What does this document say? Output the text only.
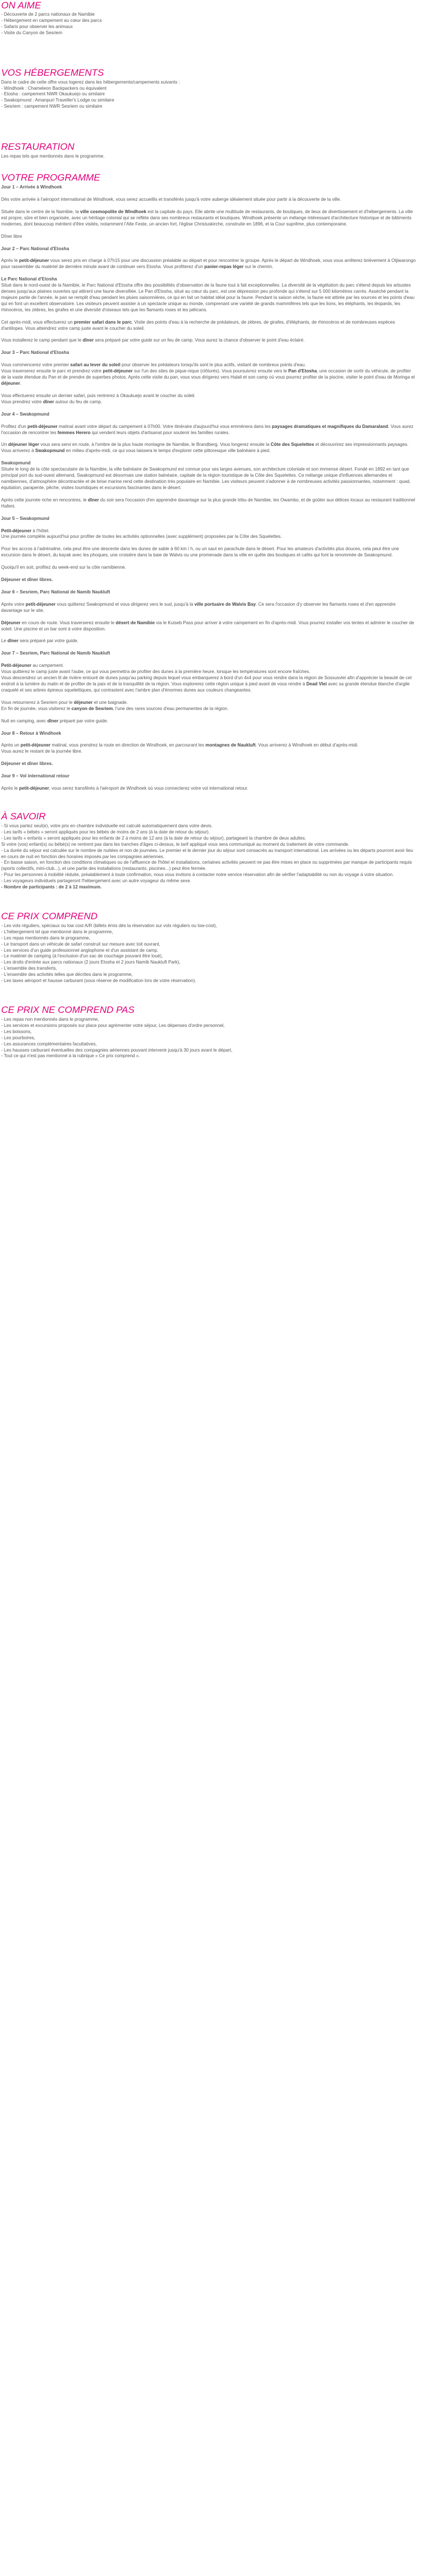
ON AIME
- Découverte de 2 parcs nationaux de Namibie
- Hébergement en campement au cœur des parcs
- Safaris pour observer les animaux
- Visite du Canyon de Sesriem
VOS HÉBERGEMENTS

Dans le cadre de cette offre vous logerez dans les hébergements/campements suivants :

- Windhoek : Chameleon Backpackers ou équivalent
- Etosha : campement NWR Okaukuejo ou similaire
- Swakopmund : Amanpuri Traveller's Lodge ou similaire
- Sesriem : campement NWR Sesriem ou similaire
RESTAURATION

Les repas tels que mentionnés dans le programme.

VOTRE PROGRAMME

Jour 1 – Arrivée à Windhoek

Dès votre arrivée à l'aéroport international de Windhoek, vous serez accueillis et transférés jusqu'à votre auberge idéalement située pour partir à la découverte de la ville.

Située dans le centre de la Namibie, la ville cosmopolite de Windhoek est la capitale du pays. Elle abrite une multitude de restaurants, de boutiques, de lieux de divertissement et d'hébergements. La ville est propre, sûre et bien organisée, avec un héritage colonial qui se reflète dans ses nombreux restaurants et boutiques. Windhoek présente un mélange intéressant d'architecture historique et de bâtiments modernes, dont beaucoup méritent d'être visités, notamment l'Alte Feste, un ancien fort, l'église Christuskirche, construite en 1896, et la Cour suprême, plus contemporaine.

Dîner libre

Jour 2 – Parc National d'Etosha

Après le petit-déjeuner vous serez pris en charge à 07h15 pour une discussion préalable au départ et pour rencontrer le groupe. Après le départ de Windhoek, vous vous arrêterez brièvement à Otjiwarongo pour rassembler du matériel de dernière minute avant de continuer vers Etosha. Vous profiterez d'un panier-repas léger sur le chemin.

Le Parc National d'Etosha

Situé dans le nord-ouest de la Namibie, le Parc National d'Etosha offre des possibilités d'observation de la faune tout à fait exceptionnelles. La diversité de la végétation du parc s'étend depuis les arbustes denses jusqu'aux plaines ouvertes qui attirent une faune diversifiée. Le Pan d'Etosha, situé au cœur du parc, est une dépression peu profonde qui s'étend sur 5 000 kilomètres carrés. Asséché pendant la majeure partie de l'année, le pan se remplit d'eau pendant les pluies saisonnières, ce qui en fait un habitat idéal pour la faune. Pendant la saison sèche, la faune est attirée par les sources et les points d'eau qui en font un excellent observatoire. Les visiteurs peuvent assister à un spectacle unique au monde, comprenant une variété de grands mammifères tels que les lions, les éléphants, les léopards, les rhinocéros, les zèbres, les girafes et une diversité d'oiseaux tels que les flamants roses et les pélicans.

Cet après-midi, vous effectuerez un premier safari dans le parc. Visite des points d'eau à la recherche de prédateurs, de zèbres, de girafes, d'éléphants, de rhinocéros et de nombreuses espèces d'antilopes. Vous atteindrez votre camp juste avant le coucher du soleil.

Vous installerez le camp pendant que le dîner sera préparé par votre guide sur un feu de camp. Vous aurez la chance d'observer le point d'eau éclairé.

Jour 3 – Parc National d'Etosha

Vous commencerez votre premier safari au lever du soleil pour observer les prédateurs lorsqu'ils sont le plus actifs, visitant de nombreux points d'eau.

Vous traverserez ensuite le parc et prendrez votre petit-déjeuner sur l'un des sites de pique-nique (clôturés). Vous poursuivrez ensuite vers le Pan d'Etosha, une occasion de sortir du véhicule, de profiter de la vaste étendue du Pan et de prendre de superbes photos. Après cette visite du pan, vous vous dirigerez vers Halali et son camp où vous pourrez profiter de la piscine, visiter le point d'eau de Moringa et déjeuner.

Vous effectuerez ensuite un dernier safari, puis rentrerez à Okaukuejo avant le coucher du soleil.

Vous prendrez votre dîner autour du feu de camp.

Jour 4 – Swakopmund

Profitez d'un petit-déjeuner matinal avant votre départ du campement à 07h00. Votre itinéraire d'aujourd'hui vous emmènera dans les paysages dramatiques et magnifiques du Damaraland. Vous aurez l'occasion de rencontrer les femmes Herero qui vendent leurs objets d'artisanat pour soutenir les familles rurales.

Un déjeuner léger vous sera servi en route, à l'ombre de la plus haute montagne de Namibie, le Brandberg. Vous longerez ensuite la Côte des Squelettes et découvrirez ses impressionnants paysages.
Vous arriverez à Swakopmund en milieu d'après-midi, ce qui vous laissera le temps d'explorer cette pittoresque ville balnéaire à pied.

Swakopmund

Située le long de la côte spectaculaire de la Namibie, la ville balnéaire de Swakopmund est connue pour ses larges avenues, son architecture coloniale et son immense désert. Fondé en 1892 en tant que principal port du sud-ouest allemand, Swakopmund est désormais une station balnéaire, capitale de la région touristique de la Côte des Squelettes. Ce mélange unique d'influences allemandes et namibiennes, d'atmosphère décontractée et de brise marine rend cette destination très populaire en Namibie. Les visiteurs peuvent s'adonner à de nombreuses activités passionnantes, notamment : quad, équitation, parapente, pêche, visites touristiques et excursions fascinantes dans le désert.

Après cette journée riche en rencontres, le dîner du soir sera l'occasion d'en apprendre davantage sur la plus grande tribu de Namibie, les Owambo, et de goûter aux délices locaux au restaurant traditionnel Hafeni.

Jour 5 – Swakopmund

Petit-déjeuner à l'hôtel.

Une journée complète aujourd'hui pour profiter de toutes les activités optionnelles (avec supplément) proposées par la Côte des Squelettes.

Pour les accros à l'adrénaline, cela peut être une descente dans les dunes de sable à 60 km / h, ou un saut en parachute dans le désert. Pour les amateurs d'activités plus douces, cela peut être une excursion dans le désert, du kayak avec les phoques, une croisière dans la baie de Walvis ou une promenade dans la ville en quête des boutiques et cafés qui font la renommée de Swakopmund.

Quoiqu'il en soit, profitez du week-end sur la côte namibienne.

Déjeuner et dîner libres.

Jour 6 – Sesriem, Parc National de Namib Naukluft

Après votre petit-déjeuner vous quitterez Swakopmund et vous dirigerez vers le sud, jusqu'à la ville portuaire de Walvis Bay. Ce sera l'occasion d'y observer les flamants roses et d'en apprendre davantage sur le site.

Déjeuner en cours de route. Vous traverserez ensuite le désert de Namibie via le Kuiseb Pass pour arriver à votre campement en fin d'après-midi. Vous pourrez installer vos tentes et admirer le coucher de soleil. Une piscine et un bar sont à votre disposition.

Le dîner sera préparé par votre guide.

Jour 7 – Sesriem, Parc National de Namib Naukluft

Petit-déjeuner au campement.

Vous quitterez le camp juste avant l'aube, ce qui vous permettra de profiter des dunes à la première heure, lorsque les températures sont encore fraîches.

Vous descendrez un ancien lit de rivière entouré de dunes jusqu'au parking depuis lequel vous embarquerez à bord d'un 4x4 pour vous rendre dans la région de Sossusvlei afin d'apprécier la beauté de cet endroit à la lumière du matin et de profiter de la paix et de la tranquillité de la région. Vous explorerez cette région unique à pied avant de vous rendre à Dead Vlei avec sa grande étendue blanche d'argile craquelé et ses arbres épineux squelettiques, qui contrastent avec l'ambre plan d'énormes dunes aux couleurs changeantes.

Vous retournerez à Sesriem pour le déjeuner et une baignade.
En fin de journée, vous visiterez le canyon de Sesriem, l'une des rares sources d'eau permanentes de la région.

Nuit en camping, avec dîner préparé par votre guide.

Jour 8 – Retour à Windhoek

Après un petit-déjeuner matinal, vous prendrez la route en direction de Windhoek, en parcourant les montagnes de Naukluft. Vous arriverez à Windhoek en début d'après-midi.

Vous aurez le restant de la journée libre.

Déjeuner et dîner libres.

Jour 9 – Vol international retour

Après le petit-déjeuner, vous serez transférés à l'aéroport de Windhoek où vous connecterez votre vol international retour.

À SAVOIR
- Si vous partez seul(e), votre prix en chambre individuelle est calculé automatiquement dans votre devis.
- Les tarifs « bébés » seront appliqués pour les bébés de moins de 2 ans (à la date de retour du séjour).
- Les tarifs « enfants » seront appliqués pour les enfants de 2 à moins de 12 ans (à la date de retour du séjour), partageant la chambre de deux adultes.
Si votre (vos) enfant(s) ou bébé(s) ne rentrent pas dans les tranches d'âges ci-dessus, le tarif appliqué vous sera communiqué au moment du traitement de votre commande.
- La durée du séjour est calculée sur le nombre de nuitées et non de journées. Le premier et le dernier jour du séjour sont consacrés au transport international. Les arrivées ou les départs pourront avoir lieu en cours de nuit en fonction des horaires imposés par les compagnies aériennes.
- En basse saison, en fonction des conditions climatiques ou de l'affluence de l'hôtel et installations, certaines activités peuvent ne pas être mises en place ou supprimées par manque de participants requis (sports collectifs, mini-club...), et une partie des installations (restaurants, piscines...) peut être fermée.
- Pour les personnes à mobilité réduite, préalablement à toute confirmation, nous vous invitons à contacter notre service réservation afin de vérifier l'adaptabilité ou non du voyage à votre situation.
- Les voyageurs individuels partageront l'hébergement avec un autre voyageur du même sexe.
- Nombre de participants : de 2 à 12 maximum.
CE PRIX COMPREND
- Les vols réguliers, spéciaux ou low cost A/R (billets émis dès la réservation sur vols réguliers ou low-cost),
- L'hébergement tel que mentionné dans le programme,
- Les repas mentionnés dans le programme,
- Le transport dans un véhicule de safari construit sur mesure avec toit ouvrant,
- Les services d'un guide professionnel anglophone et d'un assistant de camp,
- Le matériel de camping (à l'exclusion d'un sac de couchage pouvant être loué),
- Les droits d'entrée aux parcs nationaux (2 jours Etosha et 2 jours Namib Naukluft Park),
- L'ensemble des transferts,
- L'ensemble des activités telles que décrites dans le programme,
- Les taxes aéroport et hausse carburant (sous réserve de modification lors de votre réservation).
CE PRIX NE COMPREND PAS
- Les repas non mentionnés dans le programme,
- Les services et excursions proposés sur place pour agrémenter votre séjour, Les dépenses d'ordre personnel,
- Les boissons,
- Les pourboires,
- Les assurances complémentaires facultatives,
- Les hausses carburant éventuelles des compagnies aériennes pouvant intervenir jusqu'à 30 jours avant le départ,
- Tout ce qui n'est pas mentionné à la rubrique « Ce prix comprend ».
